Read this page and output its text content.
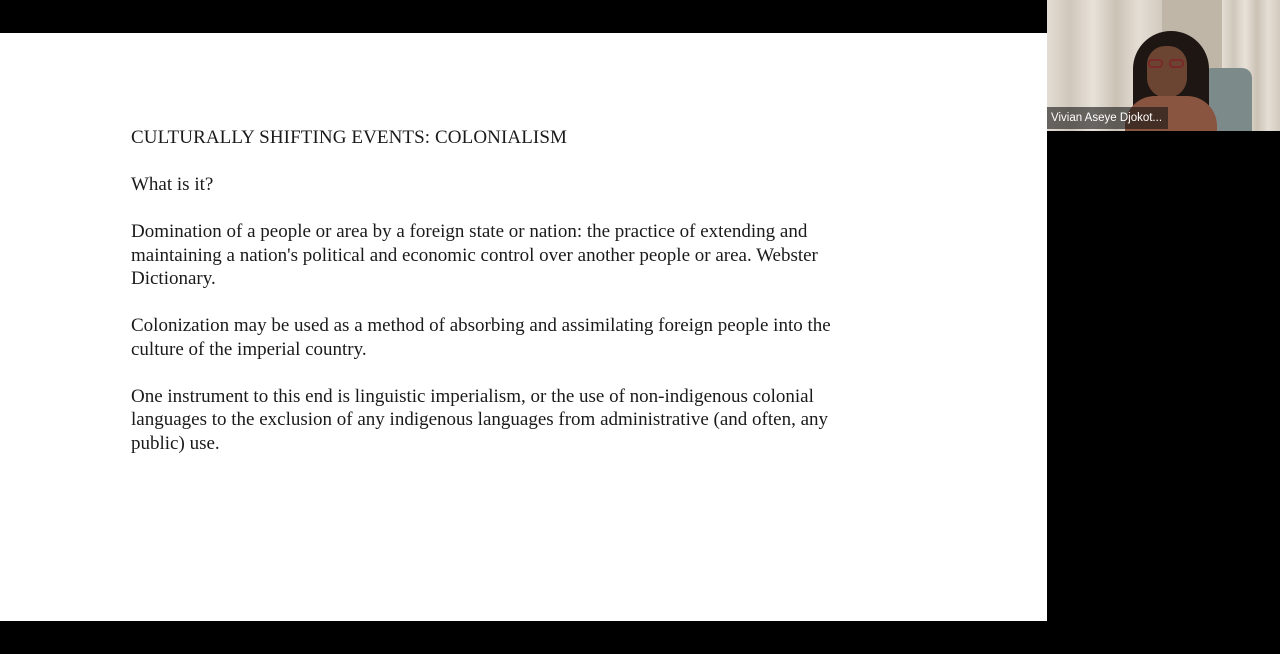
CULTURALLY SHIFTING EVENTS: COLONIALISM

What is it?

Domination of a people or area by a foreign state or nation: the practice of extending and maintaining a nation's political and economic control over another people or area. Webster Dictionary.

Colonization may be used as a method of absorbing and assimilating foreign people into the culture of the imperial country.

One instrument to this end is linguistic imperialism, or the use of non-indigenous colonial languages to the exclusion of any indigenous languages from administrative (and often, any public) use.

Vivian Aseye Djokot...
